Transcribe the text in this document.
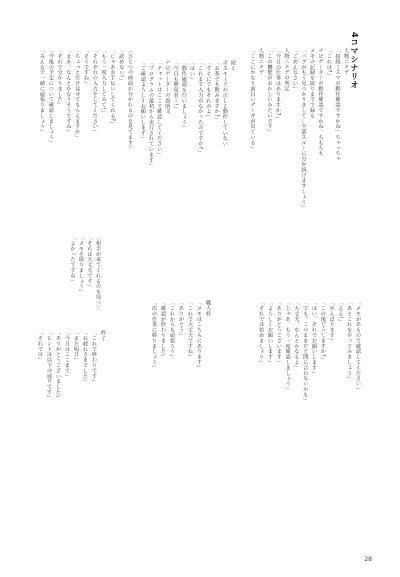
4コマシナリオ
人物ニチデ
「接続ミスマの動作確認ですかね」ちゃっちゃ
「これは?」
ナビゲーターの動作確認ですかね。ちもちも
メモの記録を取りまでで録る
「バグがもう見つかりまして…全部スルーに分が続けますしょう」
「ごめんなさい」
人物ニチデの判定
「今日の仕事はありますか?」
「この機能がおかしいみたいです」
人物ニチデ
「ここにかなり面白いデータが出ている」
続く
ボスモードが正しく動作していない
「お茶でも飲みますか?」
「すぐにでもそれのよ」
「これまで入力がなかったのですか?」
「はい」
「動作確認を行いましょう」
「今日も開発者ー!」
ナビゲーターの説明文
「チャットはここで確認してください」
「プログラムの最初から実行されています」
「ご確認よろしくお願いします」
〈ひとつの画面が分かれるのを見てます〉
「読めない!」
「じゃあお手伝いしてくれる?」
「もう一度入力してみて!」
「それぞれの入力をしてください」
「そうですね」
「ちょっとだけ見せてもらえますか」
「まあ、なんとかなりそうですね」
「それで分かりました」
「今後の予定について確認しましょう」
「みんなで一緒に頑張りましょう」
〈相手が来てくれるのを待つ〉
「それは大丈夫です」
「メモを取りましょう」
「よかったですね」
「メモがあるので確認してください」
「あとこれをやってみましょう」
「ええ!」
「がんばります」
「この後どうしますか?」
「はい、それでお願いします」
「でも、このままだと間に合わないかも」
「大丈夫、なんとかなるよ」
「じゃあ、もう一度確認しましょう」
「ありがとうございます」
「よろしくお願いします」
「それでは始めましょう」
職人枠
「メモはこちらにあります」
「これで大丈夫ですね」
「ありがとう」
「これからも頑張ろう」
「確認が終わりました」
「次の作業に移りましょう」
終了
「これで終わりです」
「お疲れさまでした」
「また明日」
「今日はここまで」
「ありがとうございました」
「ヒントは以下の通りです」
「それでは」
28
